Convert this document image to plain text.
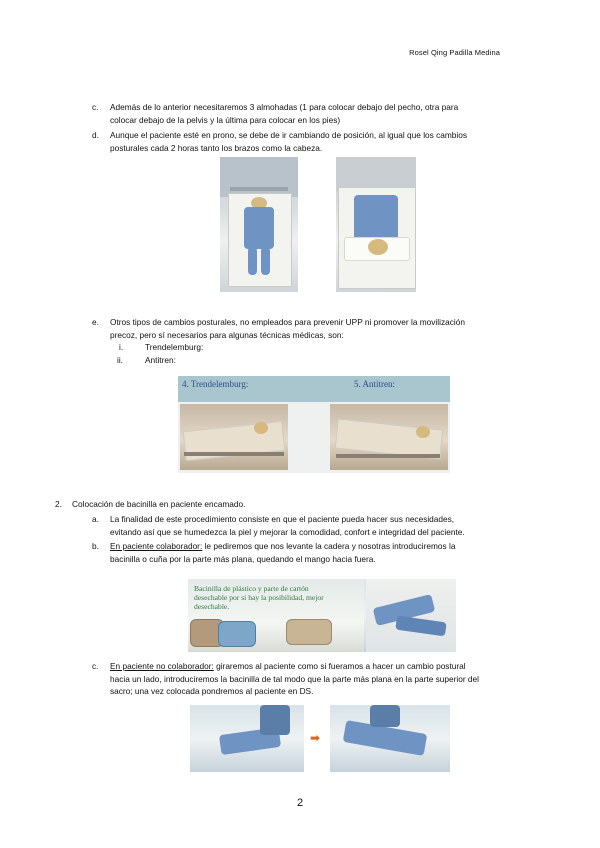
Rosel Qing Padilla Medina
c. Además de lo anterior necesitaremos 3 almohadas (1 para colocar debajo del pecho, otra para
colocar debajo de la pelvis y la última para colocar en los pies)
d. Aunque el paciente esté en prono, se debe de ir cambiando de posición, al igual que los cambios
posturales cada 2 horas tanto los brazos como la cabeza.
e. Otros tipos de cambios posturales, no empleados para prevenir UPP ni promover la movilización
precoz, pero sí necesarios para algunas técnicas médicas, son:
i.	Trendelemburg:
ii.	Antitren:
4. Trendelemburg:	5. Antitren:
2. Colocación de bacinilla en paciente encamado.
a. La finalidad de este procedimiento consiste en que el paciente pueda hacer sus necesidades,
evitando así que se humedezca la piel y mejorar la comodidad, confort e integridad del paciente.
b. En paciente colaborador: le pediremos que nos levante la cadera y nosotras introduciremos la
bacinilla o cuña por la parte más plana, quedando el mango hacia fuera.
Bacinilla de plástico y parte de cartón
desechable por si hay la posibilidad, mejor
desechable.
c. En paciente no colaborador: giraremos al paciente como si fueramos a hacer un cambio postural
hacia un lado, introduciremos la bacinilla de tal modo que la parte más plana en la parte superior del
sacro; una vez colocada pondremos al paciente en DS.
➡
2
